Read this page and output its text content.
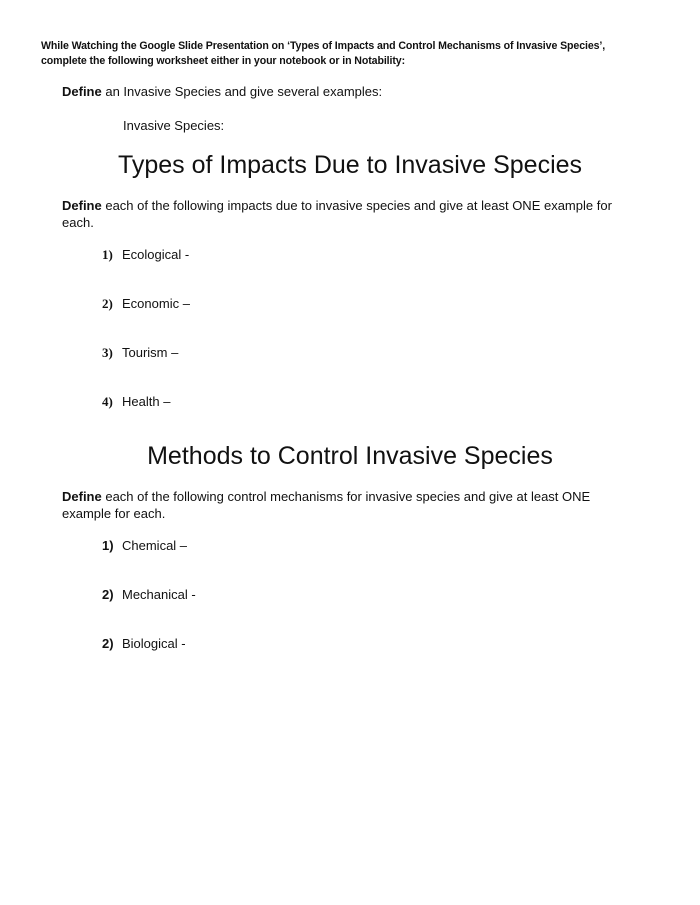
While Watching the Google Slide Presentation on ‘Types of Impacts and Control Mechanisms of Invasive Species’,
complete the following worksheet either in your notebook or in Notability:
Define an Invasive Species and give several examples:
Invasive Species:
Types of Impacts Due to Invasive Species
Define each of the following impacts due to invasive species and give at least ONE example for
each.
1) Ecological -
2) Economic –
3) Tourism –
4) Health –
Methods to Control Invasive Species
Define each of the following control mechanisms for invasive species and give at least ONE
example for each.
1) Chemical –
2) Mechanical -
2) Biological -
